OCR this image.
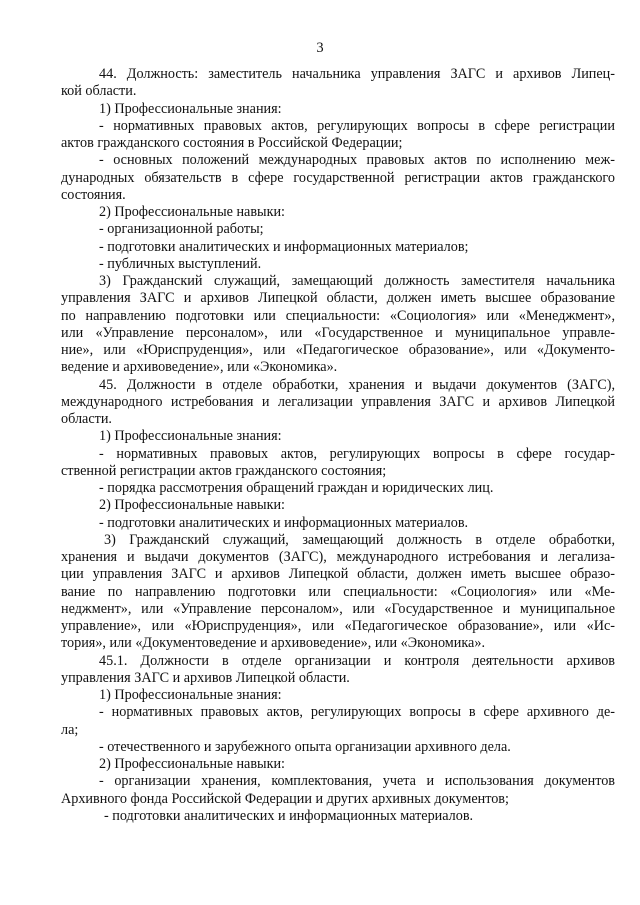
3
44. Должность: заместитель начальника управления ЗАГС и архивов Липец-
кой области.
1) Профессиональные знания:
- нормативных правовых актов, регулирующих вопросы в сфере регистрации
актов гражданского состояния в Российской Федерации;
- основных положений международных правовых актов по исполнению меж-
дународных обязательств в сфере государственной регистрации актов гражданского
состояния.
2) Профессиональные навыки:
- организационной работы;
- подготовки аналитических и информационных материалов;
- публичных выступлений.
3) Гражданский служащий, замещающий должность заместителя начальника
управления ЗАГС и архивов Липецкой области, должен иметь высшее образование
по направлению подготовки или специальности: «Социология» или «Менеджмент»,
или «Управление персоналом», или «Государственное и муниципальное управле-
ние», или «Юриспруденция», или «Педагогическое образование», или «Документо-
ведение и архивоведение», или «Экономика».
45. Должности в отделе обработки, хранения и выдачи документов (ЗАГС),
международного истребования и легализации управления ЗАГС и архивов Липецкой
области.
1) Профессиональные знания:
- нормативных правовых актов, регулирующих вопросы в сфере государ-
ственной регистрации актов гражданского состояния;
- порядка рассмотрения обращений граждан и юридических лиц.
2) Профессиональные навыки:
- подготовки аналитических и информационных материалов.
3) Гражданский служащий, замещающий должность в отделе обработки,
хранения и выдачи документов (ЗАГС), международного истребования и легализа-
ции управления ЗАГС и архивов Липецкой области, должен иметь высшее образо-
вание по направлению подготовки или специальности: «Социология» или «Ме-
неджмент», или «Управление персоналом», или «Государственное и муниципальное
управление», или «Юриспруденция», или «Педагогическое образование», или «Ис-
тория», или «Документоведение и архивоведение», или «Экономика».
45.1. Должности в отделе организации и контроля деятельности архивов
управления ЗАГС и архивов Липецкой области.
1) Профессиональные знания:
- нормативных правовых актов, регулирующих вопросы в сфере архивного де-
ла;
- отечественного и зарубежного опыта организации архивного дела.
2) Профессиональные навыки:
- организации хранения, комплектования, учета и использования документов
Архивного фонда Российской Федерации и других архивных документов;
- подготовки аналитических и информационных материалов.
